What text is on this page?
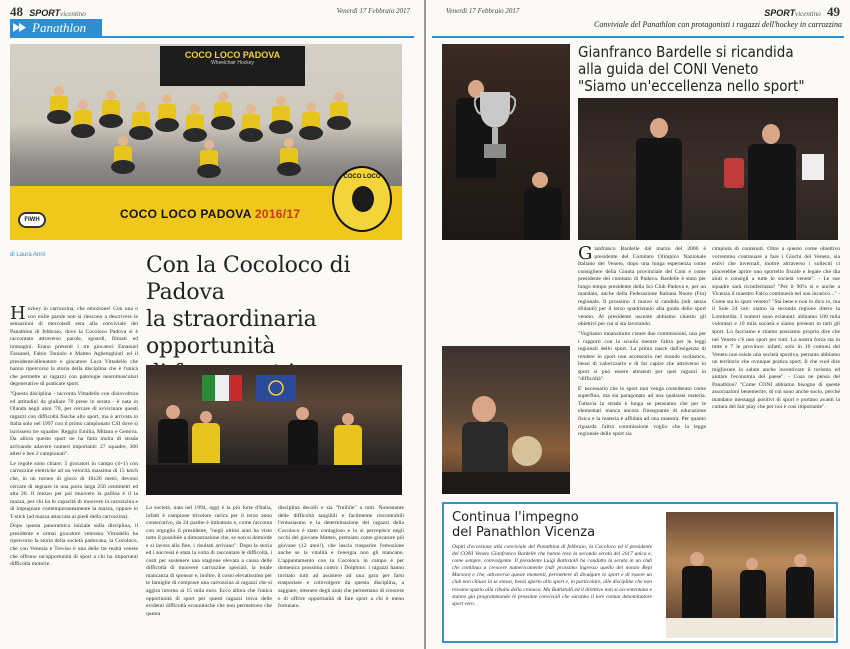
48 SPORTvicentino	Venerdì 17 Febbraio 2017
Panathlon
COCO LOCO PADOVA
Wheelchair Hockey
FIWH	COCO LOCO PADOVA 2016/17
COCO LOCO
di Laura Anni	Con la Cocoloco di Padova
la straordinaria opportunità

Hockey in carrozzina, che emozione! Con una o con mille parole non si riescono a descrivere le sensazioni di mercoledì sera alla conviviale del Panathlon di febbraio, dove la Cocoloco Padova si è raccontata attraverso parole, sguardi, filmati ed immagini. Erano presenti i tre giocatori Emanuel Fassanel, Fabio Toniolo e Matteo Aghemghiuri ed il presidente/allenatore e giocatore Luca Vittadello che hanno ripercorso la storia della disciplina che è l'unica che permette ai ragazzi con patologie neuromuscolari degenerative di praticare sport.

"Questa disciplina - racconta Vittadello con disinvoltura ed attitudini da giullare 70 prese in serata - è nata in Olanda negli anni '70, per cercare di avvicinare questi ragazzi con difficoltà fisiche allo sport, ma è arrivata in Italia solo nel 1997 con il primo campionato CSI dove si iscrissero tre squadre: Reggio Emilia, Milano e Genova. Da allora questo sport ne ha fatta molta di strada arrivando adavere numeri importanti: 27 squadre, 300 atleti e ben 2 campionati".

Le regole sono chiare: 5 giocatori in campo (4+1) con carrozzine elettriche ad un velocità massima di 15 km/h che, in un torneo di gioco di 16x20 metri, devono cercare di segnare in una porta larga 250 centimetri ed alta 20. Il mezzo per poi muovere la pallina è il la mazza, per chi ha le capacità di muovere la carrozzina e di impugnare contemporaneamente la mazza, oppure lo T-stick (ad mazza attaccata ai piedi della carrozzina).

Dopo questa panoramica iniziale sulla disciplina, il presidente e ormai giocatore veterano Vittadello ha ripercorso la storia della società padovana, la Cocoloco, che con Venezia e Treviso è una delle tre realtà venete che offrono un'opportunità di sport a chi ha importanti difficoltà motorie.

La società, nata nel 1994, oggi è la più forte d'Italia, infatti è campione tricolore carica per il terzo anno consecutivo, da 24 partite è imbattuta e, come racconta con orgoglio il presidente, "negli ultimi anni ha visto tutto il possibile a dimostrazione che, se non si demorde e si lavora alla fine, i risultati arrivano". Dopo la storia ed i successi è stata la volta di raccontare le difficoltà, i costi per sostenere una stagione elevata a causa delle difficoltà di muovere carrozzine speciali, la totale mancanza di sponsor e, inoltre, il costo elevatissimo per le famiglie di comprare una carrozzina ai ragazzi che si aggira intorno ai 15 mila euro. Ecco allora che l'unica opportunità di sport per questi ragazzi trova delle evidenti difficoltà economiche che non permettono che questa

disciplina decolli e sia "fruibile" a tutti. Nonostante delle difficoltà tangibili e facilmente riscontrabili l'entusiasmo e la determinazione dei ragazzi della Cocoloco è stato contagioso e lo si percepisce negli occhi del giovane Matteo, premiato come giocatore più giovane (12 anni!), che lascia trasparire l'emozione anche se la vitalità e l'energia non gli mancano. L'appuntamento con la Cocoloco in campo è per domenica prossima contro i Dolphins: i ragazzi hanno invitato tutti ad assistere ad una gara per farsi trasportare e coinvolgere da questa disciplina, a saggiare, ottenere degli aiuti che permettano di crescere e di offrire opportunità di fare sport a chi è meno fortunato.

Venerdì 17 Febbraio 2017	SPORTvicentino 49
Conviviale del Panathlon con protagonisti i ragazzi dell'hockey in carrozzina
Gianfranco Bardelle si ricandida
alla guida del CONI Veneto
"Siamo un'eccellenza nello sport"

Gianfranco Bardelle dal marzo del 2006 è presidente del Comitato Olimpico Nazionale Italiano del Veneto, dopo una lunga esperienza come consigliere della Giunta provinciale del Coni e come presidente del comitato di Padova. Bardelle è stato per lungo tempo presidente della Sci Club Padova e, per un mandato, anche della Federazione Italiana Nuoto (Fin) regionale. Il prossimo 4 marzo si candida (ndr senza sfidanti) per il terzo quadriennio alla guida dello sport veneto. Al presidente uscente abbiamo chiesto gli obiettivi per cui si sta lavorando.

"Vogliamo innanzitutto creare due commissioni, una per i rapporti con la scuola mentre l'altra per le leggi regionali dello sport. La prima nasce dall'esigenza di rendere lo sport non accessorio nel mondo scolastico, bensì di valorizzarlo e di far capire che attraverso lo sport si può essere attraenti per quei ragazzi in "difficoltà".

E' necessario che lo sport non venga considerato come superfluo, ma sia paragonato ad una qualsiasi materia. Tuttavia la strada è lunga se pensiamo che per le elementari manca ancora l'insegnante di educazione fisica e la materia è affidata ad una maestra. Per quanto riguarda l'altra commissione voglio che la legge regionale dello sport sia

cimpiuta di contenuti. Oltre a questo come obiettivo vorremmo continuare a fare i Giochi del Veneto, sia estivi che invernali, inoltre attraverso i solleciti ci piacerebbe aprire uno sportello fiscale e legale che dia aiuti e consigli a tutte le società venete". - Le sue squadre sarà riconfermata? "Per il 90% sì e anche a Vicenza il maestro Falco continuerà nel suo incarico..." - Come sta lo sport veneto? "Sta bene e non lo dico io, ma il Sole 24 ore: siamo la seconda regione dietro la Lombardia. I numeri sono eclatanti: abbiamo 100 mila volontari e 10 mila società e siamo presenti in tutti gli sport. Lo facciamo e stiamo possiamo proprio dire che nel Veneto c'è uno sport per tutti. La nostra forza sta in tutte e 7 le province: infatti, solo in 16 comuni del Veneto non esiste una società sportiva, pertanto abbiamo un territorio che ovunque pratica sport. Il che vuol dire migliorare la salute anche incentivare il turismo ed aiutare l'economia del paese". - Cosa ne pensa del Panathlon? "Come CONI abbiamo bisogno di queste associazioni benemerite, di cui sono anche socio, perché mandano messaggi positivi di sport e portano avanti la cultura del fair play che per noi è così importante".

Continua l'impegno
del Panathlon Vicenza
Ospiti d'eccezione alla conviviale del Panathlon di febbraio, la Cocoloco ed il presidente del CONI Veneto Gianfranco Bardelle che hanno reso la seconda serata del 2017 unica e, come sempre, coinvolgente. Il presidente Luigi Battistolli ha condotto la serata in un club che continua a crescere numericamente (ndr prossimo ingresso quello del notaio Bepi Marson) e che, attraverso queste momenti, permettere di divulgare lo sport e di essere un club non chiuso in se stesso, bensì aperto allo sport e, in particolare, alle discipline che non trovano spazio alla ribalta della cronaca. Ma Battistolli ed il direttivo non si accontentano e stanno già programmando le prossime conviviali che saranno il lore comun denominatore sport vero.
